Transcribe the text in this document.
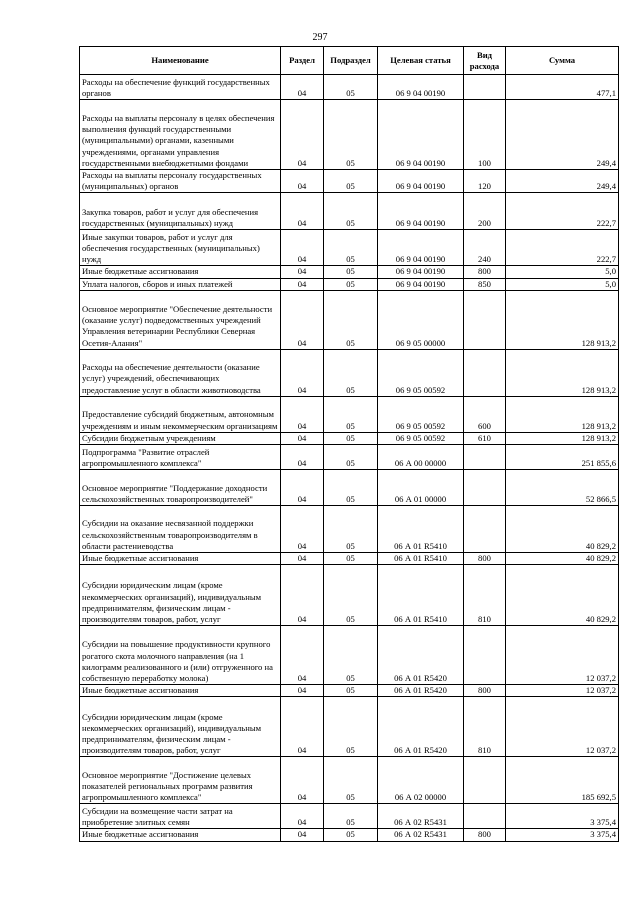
297
Наименование	Раздел	Подраздел	Целевая статья	Вид расхода	Сумма
Расходы на обеспечение функций государственных органов	04	05	06 9 04 00190		477,1
Расходы на выплаты персоналу в целях обеспечения выполнения функций государственными (муниципальными) органами, казенными учреждениями, органами управления государственными внебюджетными фондами	04	05	06 9 04 00190	100	249,4
Расходы на выплаты персоналу государственных (муниципальных) органов	04	05	06 9 04 00190	120	249,4
Закупка товаров, работ и услуг для обеспечения государственных (муниципальных) нужд	04	05	06 9 04 00190	200	222,7
Иные закупки товаров, работ и услуг для обеспечения государственных (муниципальных) нужд	04	05	06 9 04 00190	240	222,7
Иные бюджетные ассигнования	04	05	06 9 04 00190	800	5,0
Уплата налогов, сборов и иных платежей	04	05	06 9 04 00190	850	5,0
Основное мероприятие "Обеспечение деятельности (оказание услуг) подведомственных учреждений Управления ветеринарии Республики Северная Осетия-Алания"	04	05	06 9 05 00000		128 913,2
Расходы на обеспечение деятельности (оказание услуг) учреждений, обеспечивающих предоставление услуг в области животноводства	04	05	06 9 05 00592		128 913,2
Предоставление субсидий бюджетным, автономным учреждениям и иным некоммерческим организациям	04	05	06 9 05 00592	600	128 913,2
Субсидии бюджетным учреждениям	04	05	06 9 05 00592	610	128 913,2
Подпрограмма "Развитие отраслей агропромышленного комплекса"	04	05	06 А 00 00000		251 855,6
Основное мероприятие "Поддержание доходности сельскохозяйственных товаропроизводителей"	04	05	06 А 01 00000		52 866,5
Субсидии на оказание несвязанной поддержки сельскохозяйственным товаропроизводителям в области растениеводства	04	05	06 А 01 R5410		40 829,2
Иные бюджетные ассигнования	04	05	06 А 01 R5410	800	40 829,2
Субсидии юридическим лицам (кроме некоммерческих организаций), индивидуальным предпринимателям, физическим лицам - производителям товаров, работ, услуг	04	05	06 А 01 R5410	810	40 829,2
Субсидии на повышение продуктивности крупного рогатого скота молочного направления (на 1 килограмм реализованного и (или) отгруженного на собственную переработку молока)	04	05	06 А 01 R5420		12 037,2
Иные бюджетные ассигнования	04	05	06 А 01 R5420	800	12 037,2
Субсидии юридическим лицам (кроме некоммерческих организаций), индивидуальным предпринимателям, физическим лицам - производителям товаров, работ, услуг	04	05	06 А 01 R5420	810	12 037,2
Основное мероприятие "Достижение целевых показателей региональных программ развития агропромышленного комплекса"	04	05	06 А 02 00000		185 692,5
Субсидии на возмещение части затрат на приобретение элитных семян	04	05	06 А 02 R5431		3 375,4
Иные бюджетные ассигнования	04	05	06 А 02 R5431	800	3 375,4
